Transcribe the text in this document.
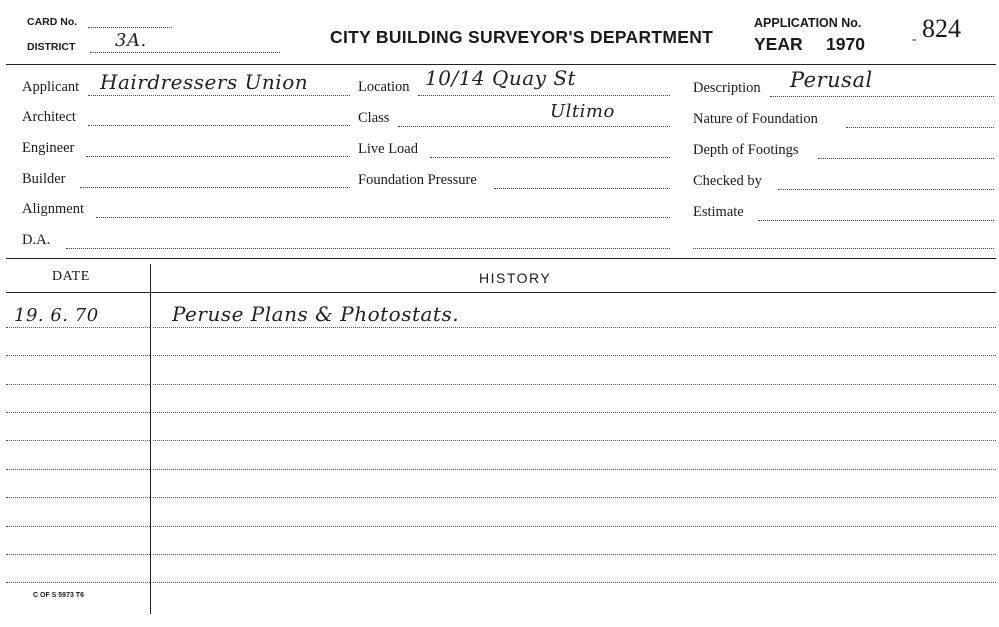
CARD No.
DISTRICT 3A.	CITY BUILDING SURVEYOR'S DEPARTMENT
APPLICATION No.
YEAR 1970	- 824
Applicant Hairdressers Union
Architect
Engineer
Builder
Alignment
D.A.
Location 10/14 Quay St
Class	Ultimo
Live Load
Foundation Pressure
Description Perusal
Nature of Foundation
Depth of Footings
Checked by
Estimate
DATE	HISTORY
19. 6. 70	Peruse Plans & Photostats.
C OF S 5973 T6
